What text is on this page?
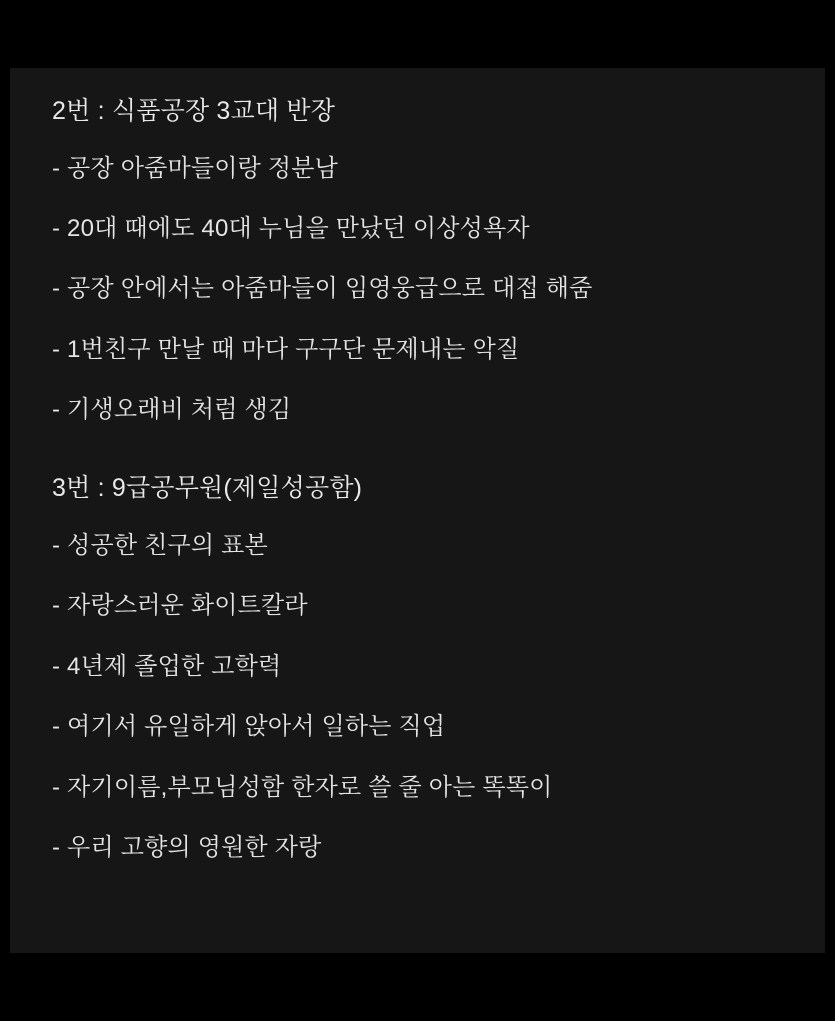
2번 : 식품공장 3교대 반장
- 공장 아줌마들이랑 정분남
- 20대 때에도 40대 누님을 만났던 이상성욕자
- 공장 안에서는 아줌마들이 임영웅급으로 대접 해줌
- 1번친구 만날 때 마다 구구단 문제내는 악질
- 기생오래비 처럼 생김
3번 : 9급공무원(제일성공함)
- 성공한 친구의 표본
- 자랑스러운 화이트칼라
- 4년제 졸업한 고학력
- 여기서 유일하게 앉아서 일하는 직업
- 자기이름,부모님성함 한자로 쓸 줄 아는 똑똑이
- 우리 고향의 영원한 자랑
